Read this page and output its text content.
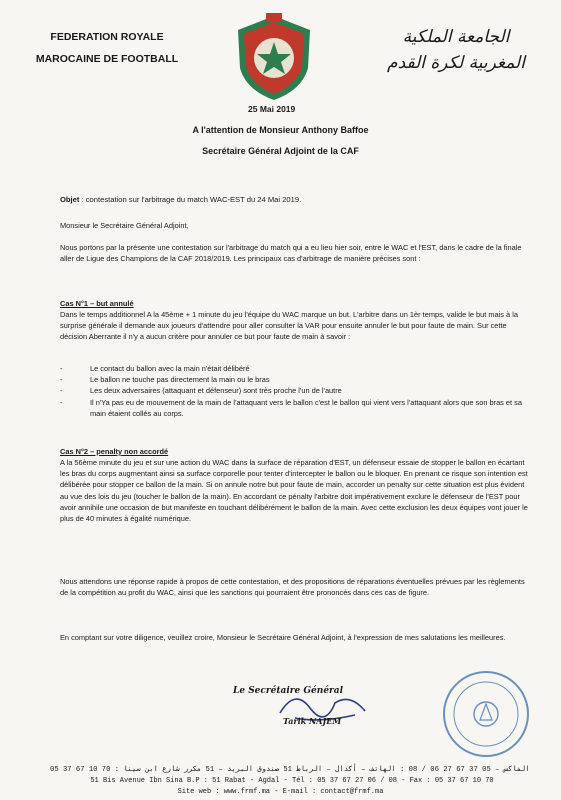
FEDERATION ROYALE
MAROCAINE DE FOOTBALL
الجامعة الملكية
المغربية لكرة القدم
25 Mai 2019
A l'attention de Monsieur Anthony Baffoe
Secrétaire Général Adjoint de la CAF
Objet : contestation sur l'arbitrage du match WAC-EST du 24 Mai 2019.
Monsieur le Secrétaire Général Adjoint,
Nous portons par la présente une contestation sur l'arbitrage du match qui a eu lieu hier soir, entre le WAC et l'EST, dans le cadre de la finale aller de Ligue des Champions de la CAF 2018/2019. Les principaux cas d'arbitrage de manière précises sont :
Cas N°1 – but annulé
Dans le temps additionnel A la 45ème + 1 minute du jeu l'équipe du WAC marque un but. L'arbitre dans un 1èr temps, valide le but mais à la surprise générale il demande aux joueurs d'attendre pour aller consulter la VAR pour ensuite annuler le but pour faute de main. Sur cette décision Aberrante il n'y a aucun critère pour annuler ce but pour faute de main à savoir :
-	Le contact du ballon avec la main n'était délibéré
-	Le ballon ne touche pas directement la main ou le bras
-	Les deux adversaires (attaquant et défenseur) sont très proche l'un de l'autre
-	Il n'Ya pas eu de mouvement de la main de l'attaquant vers le ballon c'est le ballon qui vient vers l'attaquant alors que son bras et sa main étaient collés au corps.
Cas N°2 – penalty non accordé
A la 56ème minute du jeu et sur une action du WAC dans la surface de réparation d'EST, un défenseur essaie de stopper le ballon en écartant les bras du corps augmentant ainsi sa surface corporelle pour tenter d'intercepter le ballon ou le bloquer. En prenant ce risque son intention est délibérée pour stopper ce ballon de la main. Si on annule notre but pour faute de main, accorder un penalty sur cette situation est plus évident au vue des lois du jeu (toucher le ballon de la main). En accordant ce pénalty l'arbitre doit impérativement exclure le défenseur de l'EST pour avoir annihile une occasion de but manifeste en touchant délibérément le ballon de la main. Avec cette exclusion les deux équipes vont jouer le plus de 40 minutes à égalité numérique.
Nous attendons une réponse rapide à propos de cette contestation, et des propositions de réparations éventuelles prévues par les règlements de la compétition au profit du WAC, ainsi que les sanctions qui pourraient être prononcés dans ces cas de figure.
En comptant sur votre diligence, veuillez croire, Monsieur le Secrétaire Général Adjoint, à l'expression de mes salutations les meilleures.
Le Secrétaire Général
Tarik NAJEM
05 37 67 10 70 : الفاكس – 05 37 67 27 06 / 08 : الهاتف – أكدال – الرباط 51 صندوق البريد – 51 مكرر شارع ابن سينا
51 Bis Avenue Ibn Sina B.P : 51 Rabat - Agdal - Tél : 05 37 67 27 06 / 08 - Fax : 05 37 67 10 70
Site web : www.frmf.ma - E-mail : contact@frmf.ma
